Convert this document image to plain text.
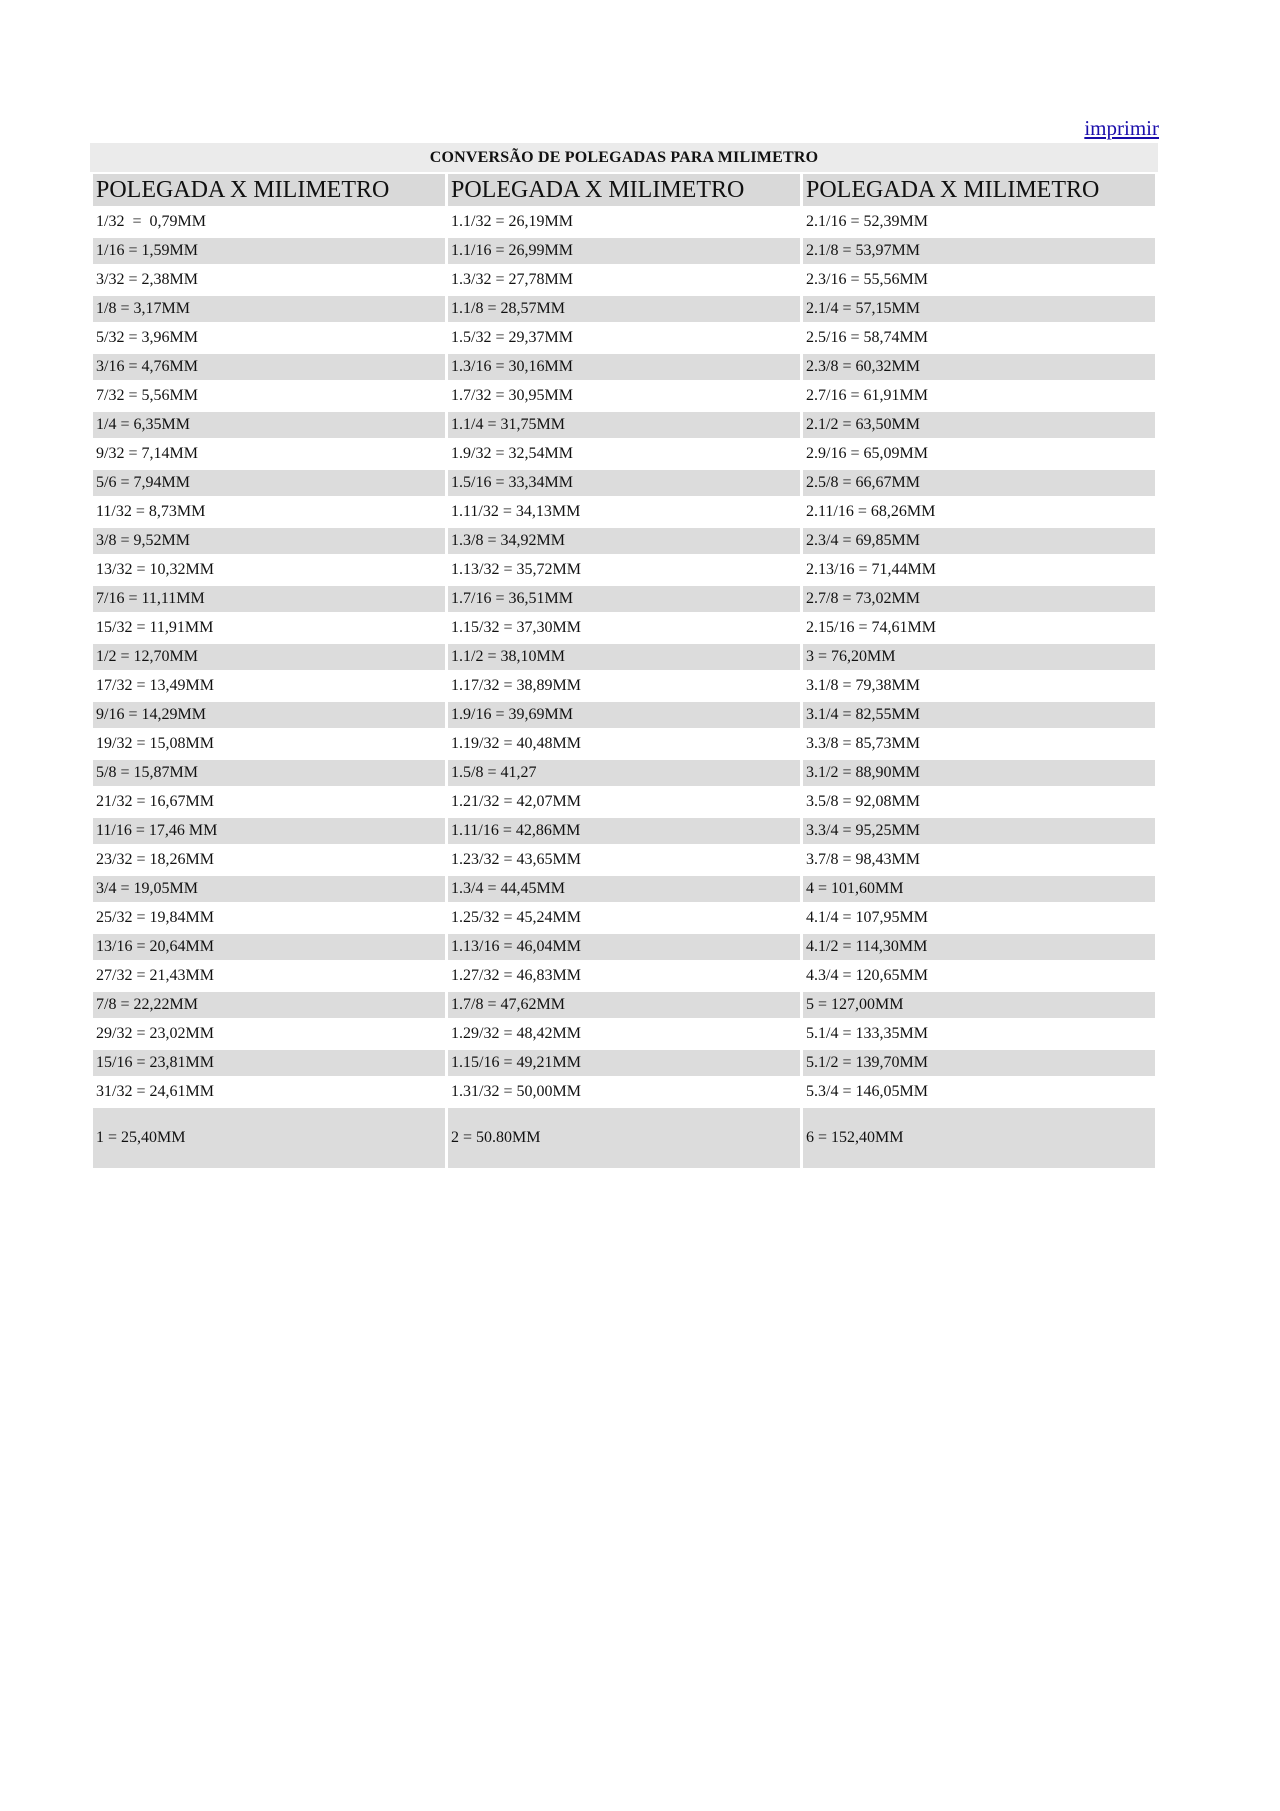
imprimir
CONVERSÃO DE POLEGADAS PARA MILIMETRO
POLEGADA X MILIMETRO	POLEGADA X MILIMETRO	POLEGADA X MILIMETRO
1/32  =  0,79MM	1.1/32 = 26,19MM	2.1/16 = 52,39MM
1/16 = 1,59MM	1.1/16 = 26,99MM	2.1/8 = 53,97MM
3/32 = 2,38MM	1.3/32 = 27,78MM	2.3/16 = 55,56MM
1/8 = 3,17MM	1.1/8 = 28,57MM	2.1/4 = 57,15MM
5/32 = 3,96MM	1.5/32 = 29,37MM	2.5/16 = 58,74MM
3/16 = 4,76MM	1.3/16 = 30,16MM	2.3/8 = 60,32MM
7/32 = 5,56MM	1.7/32 = 30,95MM	2.7/16 = 61,91MM
1/4 = 6,35MM	1.1/4 = 31,75MM	2.1/2 = 63,50MM
9/32 = 7,14MM	1.9/32 = 32,54MM	2.9/16 = 65,09MM
5/6 = 7,94MM	1.5/16 = 33,34MM	2.5/8 = 66,67MM
11/32 = 8,73MM	1.11/32 = 34,13MM	2.11/16 = 68,26MM
3/8 = 9,52MM	1.3/8 = 34,92MM	2.3/4 = 69,85MM
13/32 = 10,32MM	1.13/32 = 35,72MM	2.13/16 = 71,44MM
7/16 = 11,11MM	1.7/16 = 36,51MM	2.7/8 = 73,02MM
15/32 = 11,91MM	1.15/32 = 37,30MM	2.15/16 = 74,61MM
1/2 = 12,70MM	1.1/2 = 38,10MM	3 = 76,20MM
17/32 = 13,49MM	1.17/32 = 38,89MM	3.1/8 = 79,38MM
9/16 = 14,29MM	1.9/16 = 39,69MM	3.1/4 = 82,55MM
19/32 = 15,08MM	1.19/32 = 40,48MM	3.3/8 = 85,73MM
5/8 = 15,87MM	1.5/8 = 41,27	3.1/2 = 88,90MM
21/32 = 16,67MM	1.21/32 = 42,07MM	3.5/8 = 92,08MM
11/16 = 17,46 MM	1.11/16 = 42,86MM	3.3/4 = 95,25MM
23/32 = 18,26MM	1.23/32 = 43,65MM	3.7/8 = 98,43MM
3/4 = 19,05MM	1.3/4 = 44,45MM	4 = 101,60MM
25/32 = 19,84MM	1.25/32 = 45,24MM	4.1/4 = 107,95MM
13/16 = 20,64MM	1.13/16 = 46,04MM	4.1/2 = 114,30MM
27/32 = 21,43MM	1.27/32 = 46,83MM	4.3/4 = 120,65MM
7/8 = 22,22MM	1.7/8 = 47,62MM	5 = 127,00MM
29/32 = 23,02MM	1.29/32 = 48,42MM	5.1/4 = 133,35MM
15/16 = 23,81MM	1.15/16 = 49,21MM	5.1/2 = 139,70MM
31/32 = 24,61MM	1.31/32 = 50,00MM	5.3/4 = 146,05MM
1 = 25,40MM	2 = 50.80MM	6 = 152,40MM
